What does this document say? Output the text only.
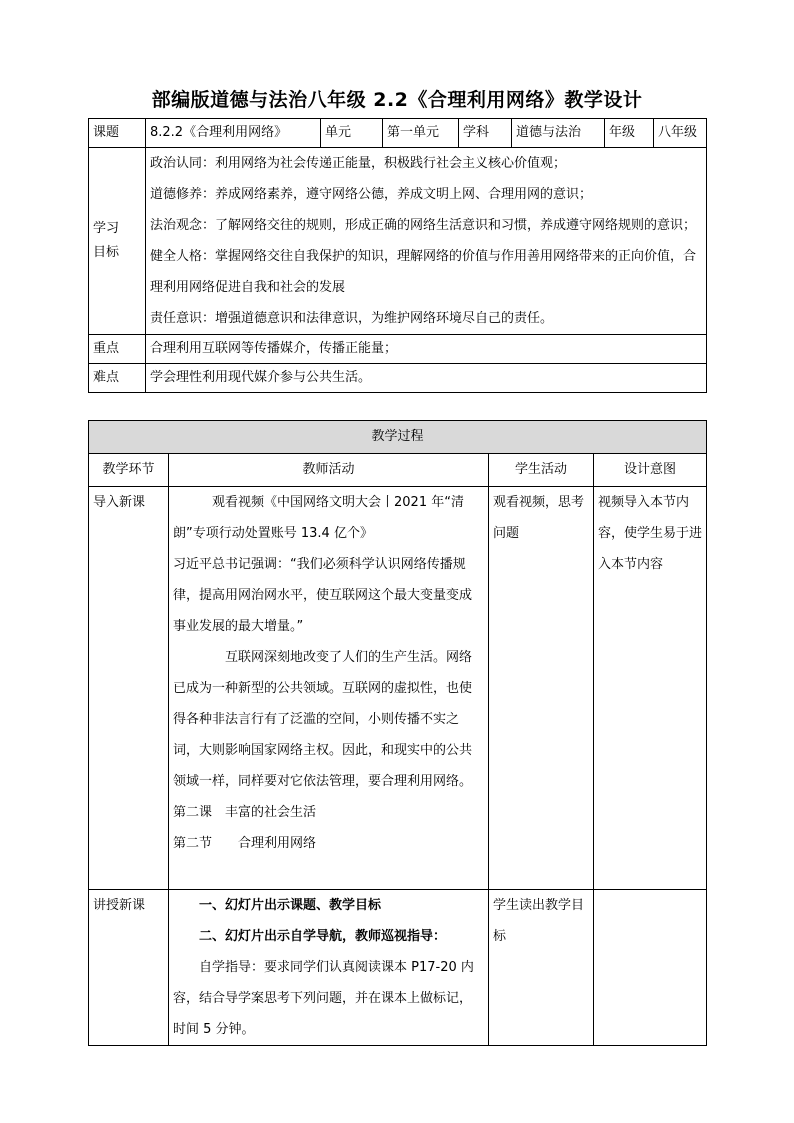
部编版道德与法治八年级 2.2《合理利用网络》教学设计
课题	8.2.2《合理利用网络》	单元	第一单元	学科	道德与法治	年级	八年级

学习
目标	政治认同：利用网络为社会传递正能量，积极践行社会主义核心价值观；
道德修养：养成网络素养，遵守网络公德，养成文明上网、合理用网的意识；
法治观念：了解网络交往的规则，形成正确的网络生活意识和习惯，养成遵守网络规则的意识；
健全人格：掌握网络交往自我保护的知识，理解网络的价值与作用善用网络带来的正向价值，合理利用网络促进自我和社会的发展
责任意识：增强道德意识和法律意识，为维护网络环境尽自己的责任。						

重点	合理利用互联网等传播媒介，传播正能量；						
难点	学会理性利用现代媒介参与公共生活。						
教学过程			
教学环节	教师活动	学生活动	设计意图
导入新课	观看视频《中国网络文明大会丨2021 年“清朗”专项行动处置账号 13.4 亿个》
习近平总书记强调：“我们必须科学认识网络传播规律，提高用网治网水平，使互联网这个最大变量变成事业发展的最大增量。”
互联网深刻地改变了人们的生产生活。网络已成为一种新型的公共领域。互联网的虚拟性，也使得各种非法言行有了泛滥的空间，小则传播不实之词，大则影响国家网络主权。因此，和现实中的公共领域一样，同样要对它依法管理，要合理利用网络。
第二课　丰富的社会生活
第二节　　合理利用网络	观看视频，思考问题	视频导入本节内容，使学生易于进入本节内容
讲授新课	一、幻灯片出示课题、教学目标
二、幻灯片出示自学导航，教师巡视指导：
自学指导：要求同学们认真阅读课本 P17-20 内容，结合导学案思考下列问题，并在课本上做标记，时间 5 分钟。	学生读出教学目标	
